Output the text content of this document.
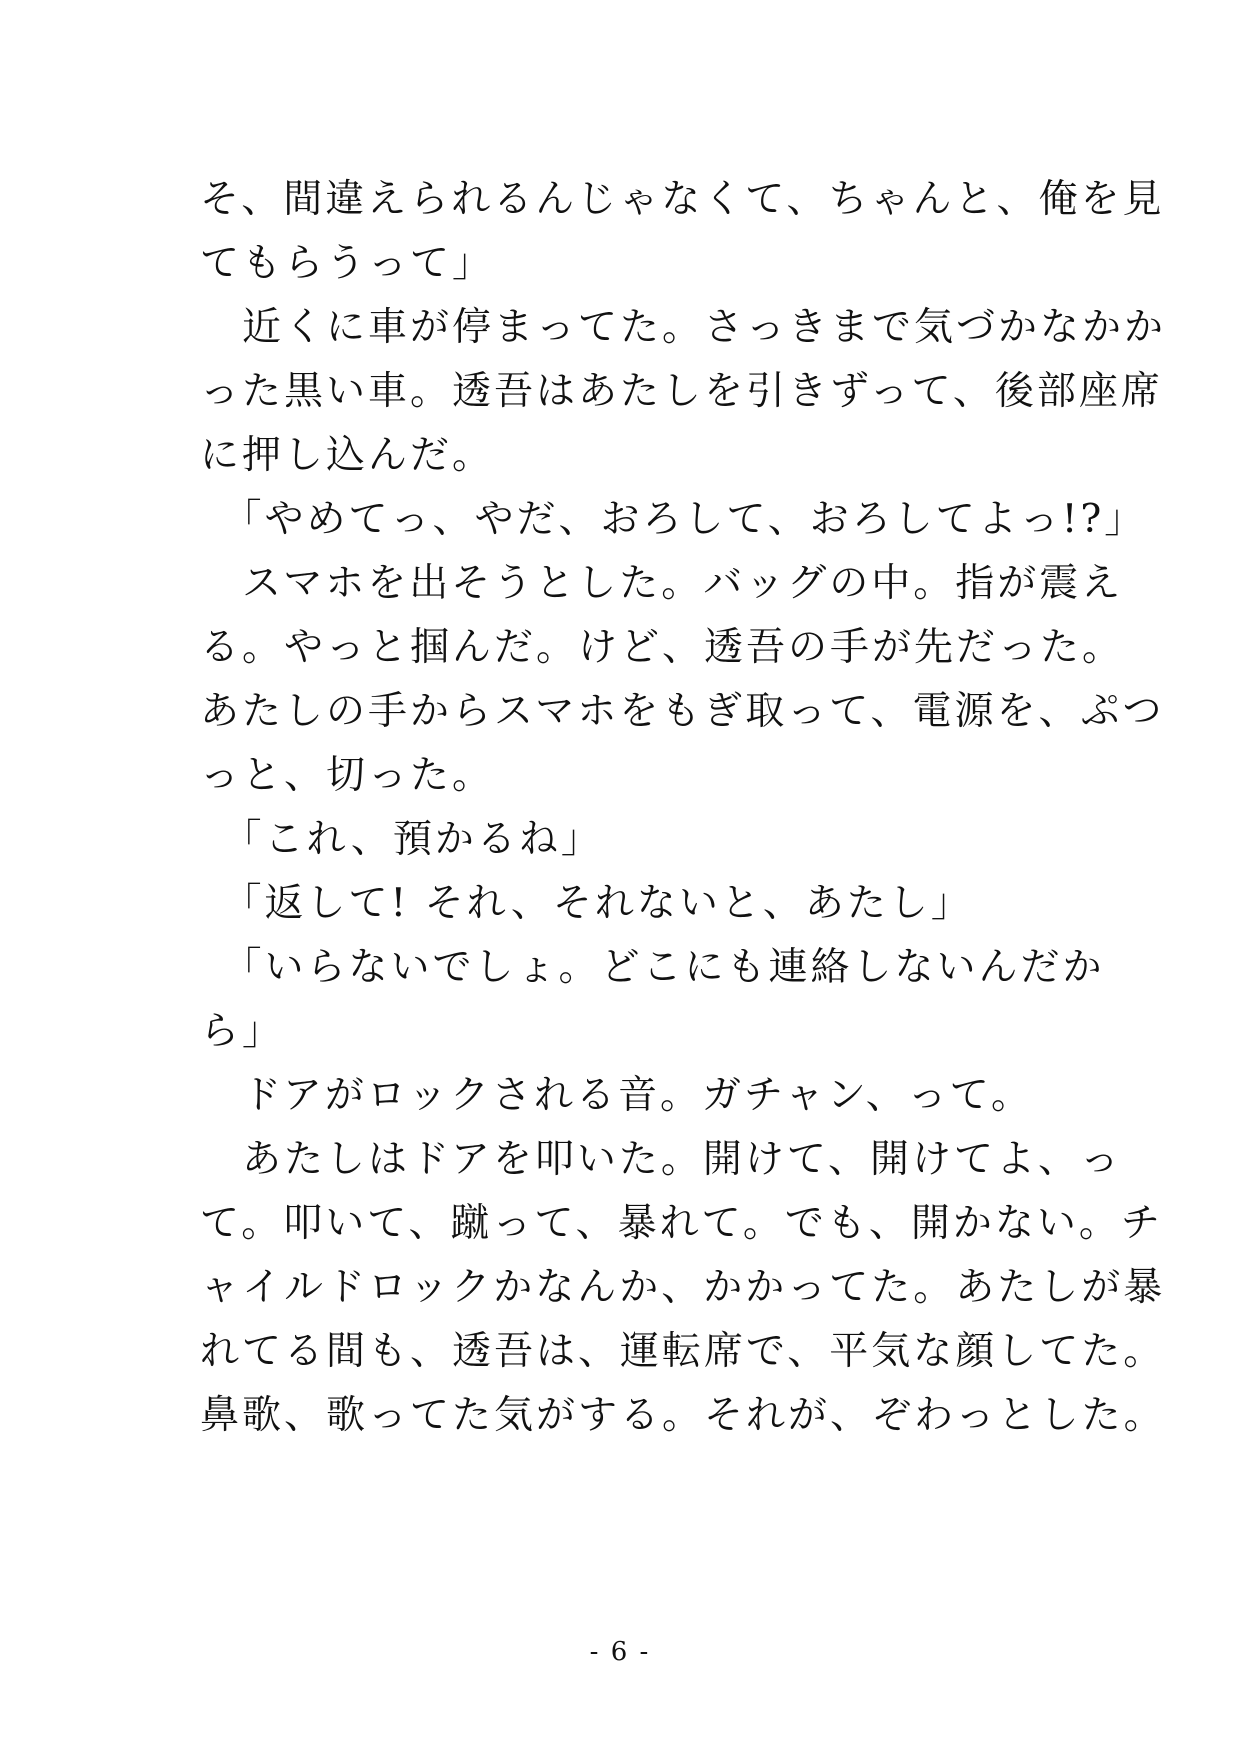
そ、間違えられるんじゃなくて、ちゃんと、俺を見
てもらうって」
　近くに車が停まってた。さっきまで気づかなかか
った黒い車。透吾はあたしを引きずって、後部座席
に押し込んだ。
　「やめてっ、やだ、おろして、おろしてよっ!?」
　スマホを出そうとした。バッグの中。指が震え
る。やっと掴んだ。けど、透吾の手が先だった。
あたしの手からスマホをもぎ取って、電源を、ぷつ
っと、切った。
　「これ、預かるね」
　「返して! それ、それないと、あたし」
　「いらないでしょ。どこにも連絡しないんだか
ら」
　ドアがロックされる音。ガチャン、って。
　あたしはドアを叩いた。開けて、開けてよ、っ
て。叩いて、蹴って、暴れて。でも、開かない。チ
ャイルドロックかなんか、かかってた。あたしが暴
れてる間も、透吾は、運転席で、平気な顔してた。
鼻歌、歌ってた気がする。それが、ぞわっとした。
- 6 -
